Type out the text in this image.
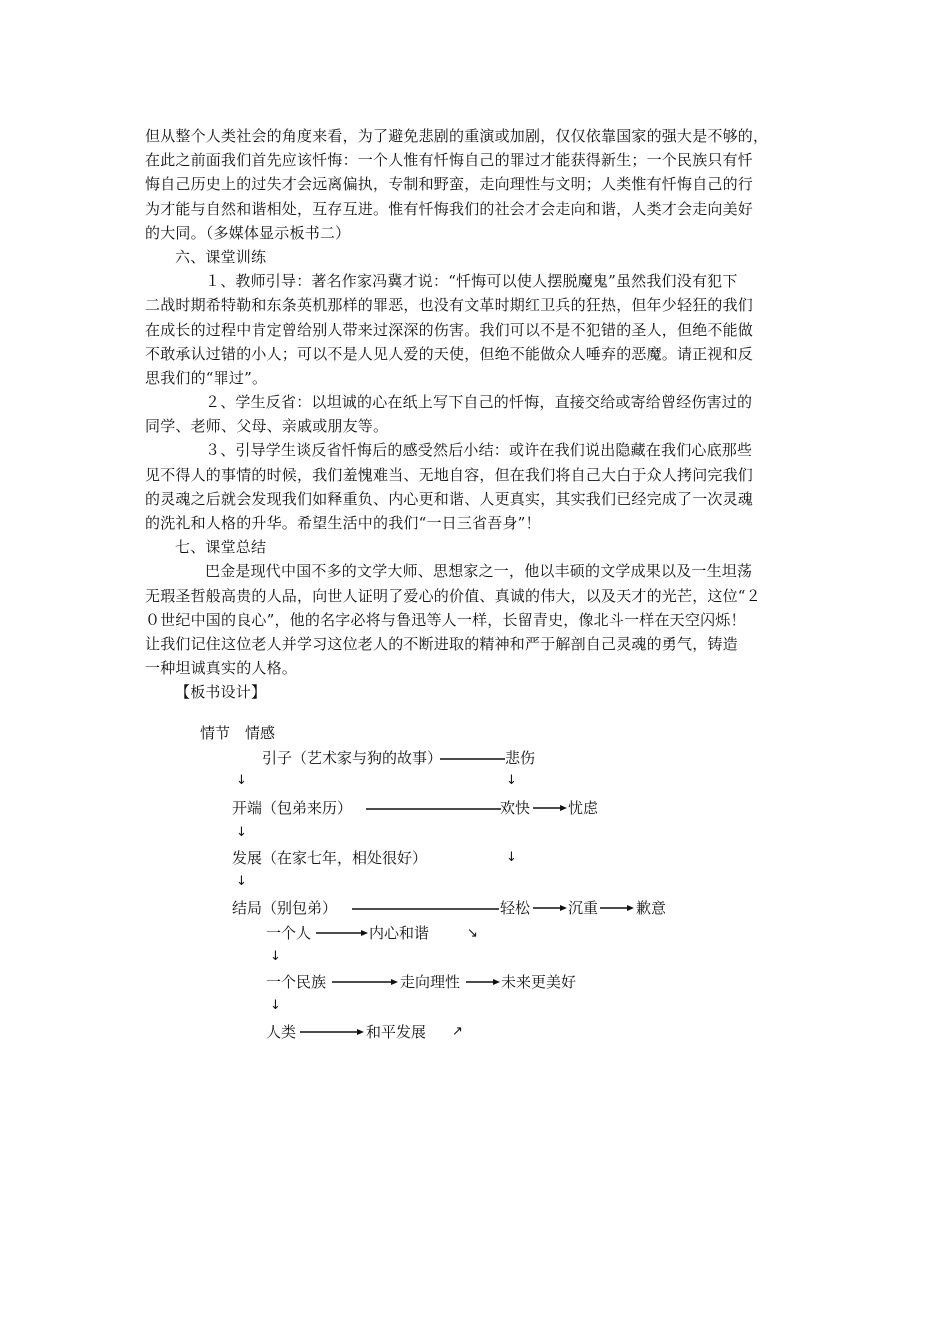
但从整个人类社会的角度来看，为了避免悲剧的重演或加剧，仅仅依靠国家的强大是不够的，
在此之前面我们首先应该忏悔：一个人惟有忏悔自己的罪过才能获得新生；一个民族只有忏
悔自己历史上的过失才会远离偏执，专制和野蛮，走向理性与文明；人类惟有忏悔自己的行
为才能与自然和谐相处，互存互进。惟有忏悔我们的社会才会走向和谐，人类才会走向美好
的大同。（多媒体显示板书二）
六、课堂训练
１、教师引导：著名作家冯冀才说：“忏悔可以使人摆脱魔鬼”虽然我们没有犯下
二战时期希特勒和东条英机那样的罪恶，也没有文革时期红卫兵的狂热，但年少轻狂的我们
在成长的过程中肯定曾给别人带来过深深的伤害。我们可以不是不犯错的圣人，但绝不能做
不敢承认过错的小人；可以不是人见人爱的天使，但绝不能做众人唾弃的恶魔。请正视和反
思我们的“罪过”。
２、学生反省：以坦诚的心在纸上写下自己的忏悔，直接交给或寄给曾经伤害过的
同学、老师、父母、亲戚或朋友等。
３、引导学生谈反省忏悔后的感受然后小结：或许在我们说出隐藏在我们心底那些
见不得人的事情的时候，我们羞愧难当、无地自容，但在我们将自己大白于众人拷问完我们
的灵魂之后就会发现我们如释重负、内心更和谐、人更真实，其实我们已经完成了一次灵魂
的洗礼和人格的升华。希望生活中的我们“一日三省吾身”！
七、课堂总结
巴金是现代中国不多的文学大师、思想家之一，他以丰硕的文学成果以及一生坦荡
无瑕圣哲般高贵的人品，向世人证明了爱心的价值、真诚的伟大，以及天才的光芒，这位“２
０世纪中国的良心”，他的名字必将与鲁迅等人一样，长留青史，像北斗一样在天空闪烁！
让我们记住这位老人并学习这位老人的不断进取的精神和严于解剖自己灵魂的勇气，铸造
一种坦诚真实的人格。
【板书设计】
情节　情感
引子（艺术家与狗的故事）	悲伤
↓	↓
开端（包弟来历）	欢快	忧虑
↓
发展（在家七年，相处很好）	↓
↓
结局（别包弟）	轻松	沉重	歉意
一个人	内心和谐	↘
↓
一个民族	走向理性	未来更美好
↓
人类	和平发展 ↗
